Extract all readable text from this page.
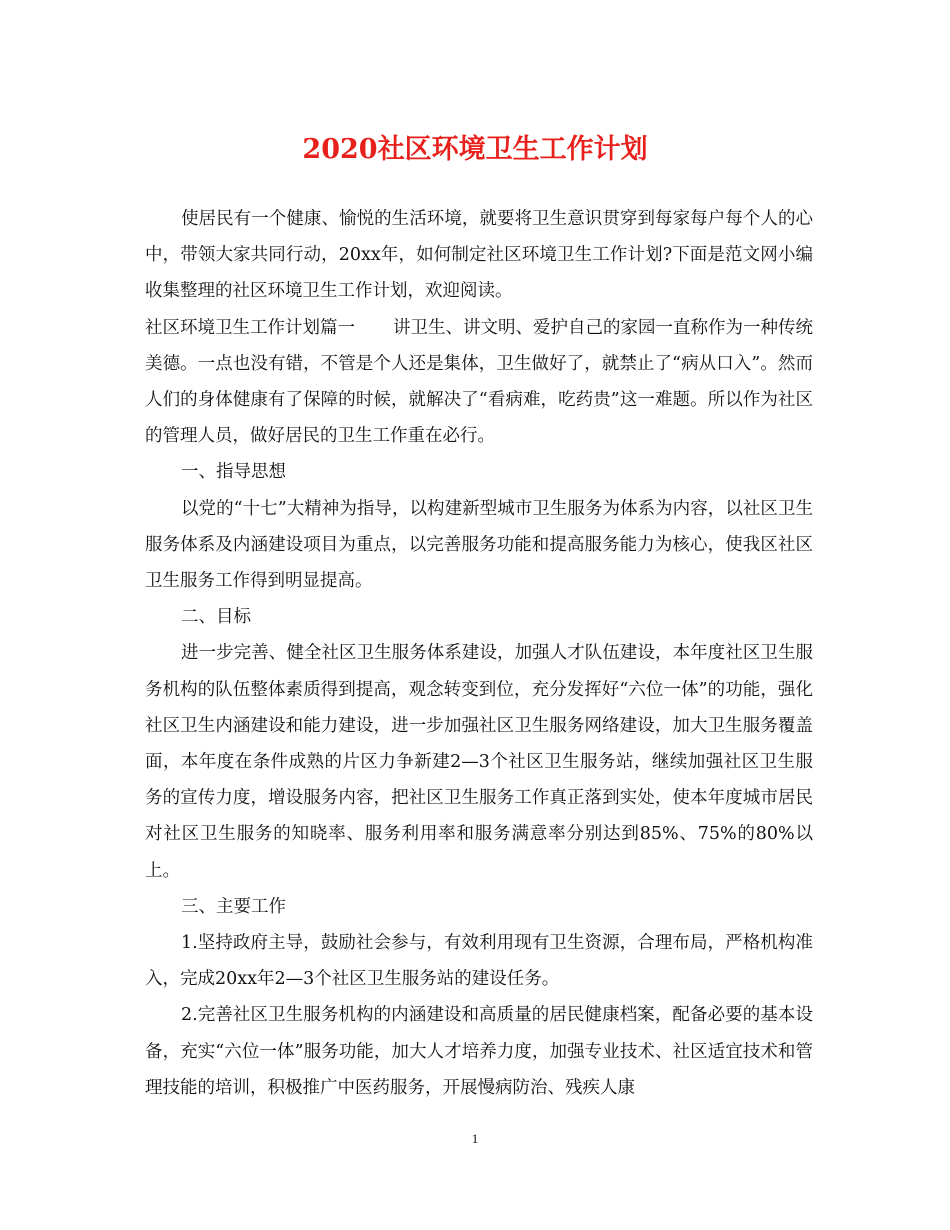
2020社区环境卫生工作计划

使居民有一个健康、愉悦的生活环境，就要将卫生意识贯穿到每家每户每个人的心中，带领大家共同行动，20xx年，如何制定社区环境卫生工作计划?下面是范文网小编收集整理的社区环境卫生工作计划，欢迎阅读。

社区环境卫生工作计划篇一 讲卫生、讲文明、爱护自己的家园一直称作为一种传统美德。一点也没有错，不管是个人还是集体，卫生做好了，就禁止了“病从口入”。然而人们的身体健康有了保障的时候，就解决了“看病难，吃药贵”这一难题。所以作为社区的管理人员，做好居民的卫生工作重在必行。

一、指导思想

以党的“十七”大精神为指导，以构建新型城市卫生服务为体系为内容，以社区卫生服务体系及内涵建设项目为重点，以完善服务功能和提高服务能力为核心，使我区社区卫生服务工作得到明显提高。

二、目标

进一步完善、健全社区卫生服务体系建设，加强人才队伍建设，本年度社区卫生服务机构的队伍整体素质得到提高，观念转变到位，充分发挥好“六位一体”的功能，强化社区卫生内涵建设和能力建设，进一步加强社区卫生服务网络建设，加大卫生服务覆盖面，本年度在条件成熟的片区力争新建2—3个社区卫生服务站，继续加强社区卫生服务的宣传力度，增设服务内容，把社区卫生服务工作真正落到实处，使本年度城市居民对社区卫生服务的知晓率、服务利用率和服务满意率分别达到85%、75%的80%以上。

三、主要工作

1.坚持政府主导，鼓励社会参与，有效利用现有卫生资源，合理布局，严格机构准入，完成20xx年2—3个社区卫生服务站的建设任务。

2.完善社区卫生服务机构的内涵建设和高质量的居民健康档案，配备必要的基本设备，充实“六位一体”服务功能，加大人才培养力度，加强专业技术、社区适宜技术和管理技能的培训，积极推广中医药服务，开展慢病防治、残疾人康

1
